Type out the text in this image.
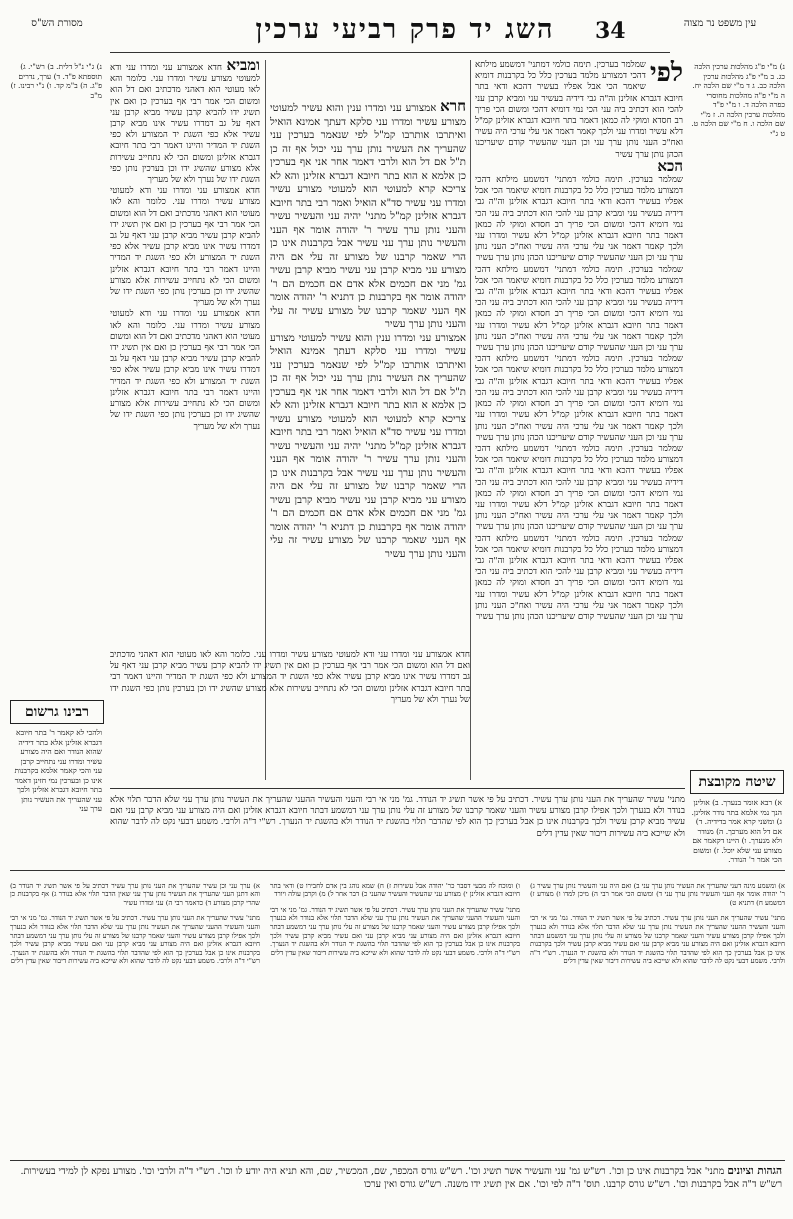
מסורת הש"ס	השג יד פרק רביעי ערכין	34	עין משפט נר מצוה
נ) מ"י פ"ג מהלכות ערכין הלכה כג. ב מ"י פ"ג מהלכות ערכין הלכה כב. ג ד מ"י שם הלכה יח. ה מ"י פ"ה מהלכות מחוסרי כפרה הלכה ד. ו מ"י פ"ד מהלכות ערכין הלכה ה. ז מ"י שם הלכה ו. ח מ"י שם הלכה ט. ט ג"י
נ) ג"י נ"ל דלית. ב) רש"י. ג) תוספתא פ"ד. ד) ערך, נדרים פ"ג. ה) ב"מ קד. ו) נ"י רבינו. ז) מ"ב
לפי
שמלמר בערכין. תימה כולמי דמתני' דמשמע מילתא דהכי דמצורע מלמד בערכין כלל כל בקרבנות דומיא שיאמר הכי אבל אפליו בעשיר דהכא ודאי בתר חיובא דגברא אזלינן וה"ה גבי דידיה בעשיר עני ומביא קרבן עני להכי הוא דכתיב ביה עני הכי נמי דומיא דהכי ומשום הכי פריך רב חסדא ומוקי לה כמאן דאמר בתר חיובא דגברא אזלינן קמ"ל דלא עשיר ומדרו עני ולכך קאמר דאמר אני עלי ערכי היה עשיר ואח"כ העני נותן ערך עני וכן העני שהעשיר קודם שיעריכנו הכהן נותן ערך עשיר

הכא

שמלמר בערכין. תימה כולמי דמתני' דמשמע מילתא דהכי דמצורע מלמד בערכין כלל כל בקרבנות דומיא שיאמר הכי אבל אפליו בעשיר דהכא ודאי בתר חיובא דגברא אזלינן וה"ה גבי דידיה בעשיר עני ומביא קרבן עני להכי הוא דכתיב ביה עני הכי נמי דומיא דהכי ומשום הכי פריך רב חסדא ומוקי לה כמאן דאמר בתר חיובא דגברא אזלינן קמ"ל דלא עשיר ומדרו עני ולכך קאמר דאמר אני עלי ערכי היה עשיר ואח"כ העני נותן ערך עני וכן העני שהעשיר קודם שיעריכנו הכהן נותן ערך עשיר

שמלמר בערכין. תימה כולמי דמתני' דמשמע מילתא דהכי דמצורע מלמד בערכין כלל כל בקרבנות דומיא שיאמר הכי אבל אפליו בעשיר דהכא ודאי בתר חיובא דגברא אזלינן וה"ה גבי דידיה בעשיר עני ומביא קרבן עני להכי הוא דכתיב ביה עני הכי נמי דומיא דהכי ומשום הכי פריך רב חסדא ומוקי לה כמאן דאמר בתר חיובא דגברא אזלינן קמ"ל דלא עשיר ומדרו עני ולכך קאמר דאמר אני עלי ערכי היה עשיר ואח"כ העני נותן ערך עני וכן העני שהעשיר קודם שיעריכנו הכהן נותן ערך עשיר

שמלמר בערכין. תימה כולמי דמתני' דמשמע מילתא דהכי דמצורע מלמד בערכין כלל כל בקרבנות דומיא שיאמר הכי אבל אפליו בעשיר דהכא ודאי בתר חיובא דגברא אזלינן וה"ה גבי דידיה בעשיר עני ומביא קרבן עני להכי הוא דכתיב ביה עני הכי נמי דומיא דהכי ומשום הכי פריך רב חסדא ומוקי לה כמאן דאמר בתר חיובא דגברא אזלינן קמ"ל דלא עשיר ומדרו עני ולכך קאמר דאמר אני עלי ערכי היה עשיר ואח"כ העני נותן ערך עני וכן העני שהעשיר קודם שיעריכנו הכהן נותן ערך עשיר

שמלמר בערכין. תימה כולמי דמתני' דמשמע מילתא דהכי דמצורע מלמד בערכין כלל כל בקרבנות דומיא שיאמר הכי אבל אפליו בעשיר דהכא ודאי בתר חיובא דגברא אזלינן וה"ה גבי דידיה בעשיר עני ומביא קרבן עני להכי הוא דכתיב ביה עני הכי נמי דומיא דהכי ומשום הכי פריך רב חסדא ומוקי לה כמאן דאמר בתר חיובא דגברא אזלינן קמ"ל דלא עשיר ומדרו עני ולכך קאמר דאמר אני עלי ערכי היה עשיר ואח"כ העני נותן ערך עני וכן העני שהעשיר קודם שיעריכנו הכהן נותן ערך עשיר

שמלמר בערכין. תימה כולמי דמתני' דמשמע מילתא דהכי דמצורע מלמד בערכין כלל כל בקרבנות דומיא שיאמר הכי אבל אפליו בעשיר דהכא ודאי בתר חיובא דגברא אזלינן וה"ה גבי דידיה בעשיר עני ומביא קרבן עני להכי הוא דכתיב ביה עני הכי נמי דומיא דהכי ומשום הכי פריך רב חסדא ומוקי לה כמאן דאמר בתר חיובא דגברא אזלינן קמ"ל דלא עשיר ומדרו עני ולכך קאמר דאמר אני עלי ערכי היה עשיר ואח"כ העני נותן ערך עני וכן העני שהעשיר קודם שיעריכנו הכהן נותן ערך עשיר

חרא אמצורע עני ומדרו ענין והוא עשיר למעוטי מצורע עשיר ומדרו עני סלקא דעתך אמינא הואיל ואיתרבו אותרבו קמ"ל לפי שנאמר בערכין עני שהעריך את העשיר נותן ערך עני יכול אף זה כן ת"ל אם דל הוא ולרבי דאמר אחר אני אף בערכין כן אלמא א הוא בתר חיובא דגברא אזלינן והא לא צריכא קרא למעוטי הוא למעוטי מצורע עשיר ומדרו עני עשיר סד"א הואיל ואמר רבי בתר חיובא דגברא אזלינן קמ"ל מתני' יהיה עני והעשיר עשיר והעני נותן ערך עשיר ר' יהודה אומר אף העני והעשיר נותן ערך עני עשיר אבל בקרבנות אינו כן הרי שאמר קרבנו של מצורע זה עלי אם היה מצורע עני מביא קרבן עני עשיר מביא קרבן עשיר גמ' מני אם חכמים אלא אדם אם חכמים הם ר' יהודה אומר אף בקרבנות כן דתניא ר' יהודה אומר אף העני שאמר קרבנו של מצורע עשיר זה עלי והעני נותן ערך עשיר

אמצורע עני ומדרו ענין והוא עשיר למעוטי מצורע עשיר ומדרו עני סלקא דעתך אמינא הואיל ואיתרבו אותרבו קמ"ל לפי שנאמר בערכין עני שהעריך את העשיר נותן ערך עני יכול אף זה כן ת"ל אם דל הוא ולרבי דאמר אחר אני אף בערכין כן אלמא א הוא בתר חיובא דגברא אזלינן והא לא צריכא קרא למעוטי הוא למעוטי מצורע עשיר ומדרו עני עשיר סד"א הואיל ואמר רבי בתר חיובא דגברא אזלינן קמ"ל מתני' יהיה עני והעשיר עשיר והעני נותן ערך עשיר ר' יהודה אומר אף העני והעשיר נותן ערך עני עשיר אבל בקרבנות אינו כן הרי שאמר קרבנו של מצורע זה עלי אם היה מצורע עני מביא קרבן עני עשיר מביא קרבן עשיר גמ' מני אם חכמים אלא אדם אם חכמים הם ר' יהודה אומר אף בקרבנות כן דתניא ר' יהודה אומר אף העני שאמר קרבנו של מצורע עשיר זה עלי והעני נותן ערך עשיר

ומביא חדא אמצורע עני ומדרו עני ודא למעוטי מצורע עשיר ומדרו עני. כלומר והא לאו מעוטי הוא דאהני מדכתיב ואם דל הוא ומשום הכי אמר רבי אף בערכין כן ואם אין תשיג ידו להביא קרבן עשיר מביא קרבן עני דאף על גב דמדרו עשיר אינו מביא קרבן עשיר אלא כפי השגת יד המצורע ולא כפי השגת יד המדיר והיינו דאמר רבי בתר חיובא דגברא אזלינן ומשום הכי לא נתחייב עשירות אלא מצורע שהשיג ידו וכן בערכין נותן כפי השגת ידו של נערך ולא של מעריך

חדא אמצורע עני ומדרו עני ודא למעוטי מצורע עשיר ומדרו עני. כלומר והא לאו מעוטי הוא דאהני מדכתיב ואם דל הוא ומשום הכי אמר רבי אף בערכין כן ואם אין תשיג ידו להביא קרבן עשיר מביא קרבן עני דאף על גב דמדרו עשיר אינו מביא קרבן עשיר אלא כפי השגת יד המצורע ולא כפי השגת יד המדיר והיינו דאמר רבי בתר חיובא דגברא אזלינן ומשום הכי לא נתחייב עשירות אלא מצורע שהשיג ידו וכן בערכין נותן כפי השגת ידו של נערך ולא של מעריך

חדא אמצורע עני ומדרו עני ודא למעוטי מצורע עשיר ומדרו עני. כלומר והא לאו מעוטי הוא דאהני מדכתיב ואם דל הוא ומשום הכי אמר רבי אף בערכין כן ואם אין תשיג ידו להביא קרבן עשיר מביא קרבן עני דאף על גב דמדרו עשיר אינו מביא קרבן עשיר אלא כפי השגת יד המצורע ולא כפי השגת יד המדיר והיינו דאמר רבי בתר חיובא דגברא אזלינן ומשום הכי לא נתחייב עשירות אלא מצורע שהשיג ידו וכן בערכין נותן כפי השגת ידו של נערך ולא של מעריך

רבינו גרשום
ולהכי לא קאמר ר' בתר חיובא דגברא אזלינן אלא בתר דידיה שהוא הנודר ואם היה מצורע עשיר ומדרו עני נתחייב קרבן עני והכי קאמר אלמא בקרבנות אינו כן ובערכין נמי חזינן דאמר בתר חיובא דגברא אזלינן ולכך עני שהעריך את העשיר נותן ערך עני
חדא אמצורע עני ומדרו עני ודא למעוטי מצורע עשיר ומדרו עני. כלומר והא לאו מעוטי הוא דאהני מדכתיב ואם דל הוא ומשום הכי אמר רבי אף בערכין כן ואם אין תשיג ידו להביא קרבן עשיר מביא קרבן עני דאף על גב דמדרו עשיר אינו מביא קרבן עשיר אלא כפי השגת יד המצורע ולא כפי השגת יד המדיר והיינו דאמר רבי בתר חיובא דגברא אזלינן ומשום הכי לא נתחייב עשירות אלא מצורע שהשיג ידו וכן בערכין נותן כפי השגת ידו של נערך ולא של מעריך
שיטה מקובצת
א) רבא אומר בנערך. ב) אולינן הנך נמי אלמא בתר נודר אזלינן. ג) ומשני קרא אמר בדידיה. ד) אם דל הוא מערכך. ה) מנודר ולא מנערך. ו) היינו דקאמר אם מצורע עני שלא יוכל. ז) ומשום הכי אמר ר' הנודר.
מתני' עשיר שהעריך את העני נותן ערך עשיר. דכתיב על פי אשר תשיג יד הנודר. גמ' מני אי רבי והעני והעשיר ההעני שהעריך את העשיר נותן ערך עני שלא הדבר תלוי אלא בנודר ולא בנערך ולכך אפילו קרבן מצורע עשיר והעני שאמר קרבנו של מצורע זה עלי נותן ערך עני דמשמע דבתר חיובא דגברא אזלינן ואם היה מצורע עני מביא קרבן עני ואם עשיר מביא קרבן עשיר ולכך בקרבנות אינו כן אבל בערכין כך הוא לפי שהדבר תלוי בהשגת יד הנודר ולא בהשגת יד הנערך. רש"י ד"ה ולרבי. משמע דבעי נקט לה לדבר שהוא ולא שייכא ביה עשירות דיבור שאין עדין דלים

א) ערך עני וכן עשיר שהעריך את העני נותן ערך עשיר דכתיב על פי אשר תשיג יד הנודר ב) והא דתנן העני שהעריך את העשיר נותן ערך עני שאין הדבר תלוי אלא בנודר ג) אף בקרבנות כן שהרי קרבן מצורע ד) כדאמר רבי ה) עני ומדרו עשיר

מתני' עשיר שהעריך את העני נותן ערך עשיר. דכתיב על פי אשר תשיג יד הנודר. גמ' מני אי רבי והעני והעשיר ההעני שהעריך את העשיר נותן ערך עני שלא הדבר תלוי אלא בנודר ולא בנערך ולכך אפילו קרבן מצורע עשיר והעני שאמר קרבנו של מצורע זה עלי נותן ערך עני דמשמע דבתר חיובא דגברא אזלינן ואם היה מצורע עני מביא קרבן עני ואם עשיר מביא קרבן עשיר ולכך בקרבנות אינו כן אבל בערכין כך הוא לפי שהדבר תלוי בהשגת יד הנודר ולא בהשגת יד הנערך. רש"י ד"ה ולרבי. משמע דבעי נקט לה לדבר שהוא ולא שייכא ביה עשירות דיבור שאין עדין דלים

ו) ומוכח לה מבעי דסבר כר' יהודה אבל עשירות ז) ח) שמא נוהג בין אדם לחבירו ט) ודאי בתר חיובא דגברא אזלינן י) מצורע עני שהעשיר והעשיר שהעני כ) דבר אחר ל) מ) וקרבן עולה ויורד

מתני' עשיר שהעריך את העני נותן ערך עשיר. דכתיב על פי אשר תשיג יד הנודר. גמ' מני אי רבי והעני והעשיר ההעני שהעריך את העשיר נותן ערך עני שלא הדבר תלוי אלא בנודר ולא בנערך ולכך אפילו קרבן מצורע עשיר והעני שאמר קרבנו של מצורע זה עלי נותן ערך עני דמשמע דבתר חיובא דגברא אזלינן ואם היה מצורע עני מביא קרבן עני ואם עשיר מביא קרבן עשיר ולכך בקרבנות אינו כן אבל בערכין כך הוא לפי שהדבר תלוי בהשגת יד הנודר ולא בהשגת יד הנערך. רש"י ד"ה ולרבי. משמע דבעי נקט לה לדבר שהוא ולא שייכא ביה עשירות דיבור שאין עדין דלים

א) ומשמע מינה דעני שהעריך את העשיר נותן ערך עני ב) ואם היה עני והעשיר נותן ערך עשיר ג) ר' יהודה אומר אף העני והעשיר נותן ערך עני ד) ומשום הכי אמר רבי ה) מיכן למדו ו) מצורע ז) דמשמע ח) דתניא ט)

מתני' עשיר שהעריך את העני נותן ערך עשיר. דכתיב על פי אשר תשיג יד הנודר. גמ' מני אי רבי והעני והעשיר ההעני שהעריך את העשיר נותן ערך עני שלא הדבר תלוי אלא בנודר ולא בנערך ולכך אפילו קרבן מצורע עשיר והעני שאמר קרבנו של מצורע זה עלי נותן ערך עני דמשמע דבתר חיובא דגברא אזלינן ואם היה מצורע עני מביא קרבן עני ואם עשיר מביא קרבן עשיר ולכך בקרבנות אינו כן אבל בערכין כך הוא לפי שהדבר תלוי בהשגת יד הנודר ולא בהשגת יד הנערך. רש"י ד"ה ולרבי. משמע דבעי נקט לה לדבר שהוא ולא שייכא ביה עשירות דיבור שאין עדין דלים

הגהות וציונים מתני' אבל בקרבנות אינו כן וכו'. רש"ש גמ' עני והעשיר אשר תשיג וכו'. רש"ש גורס המכפר, שם, המכשיר, שם, והא תניא היה יודע לו וכו'. רש"י ד"ה ולרבי וכו'. מצורע נפקא לן למידי בעשירות. רש"ש ד"ה אבל בקרבנות וכו'. רש"ש גורס קרבנו. תוס' ד"ה לפי וכו'. אם אין תשיג ידו משנה. רש"ש גורס ואין ערכו
